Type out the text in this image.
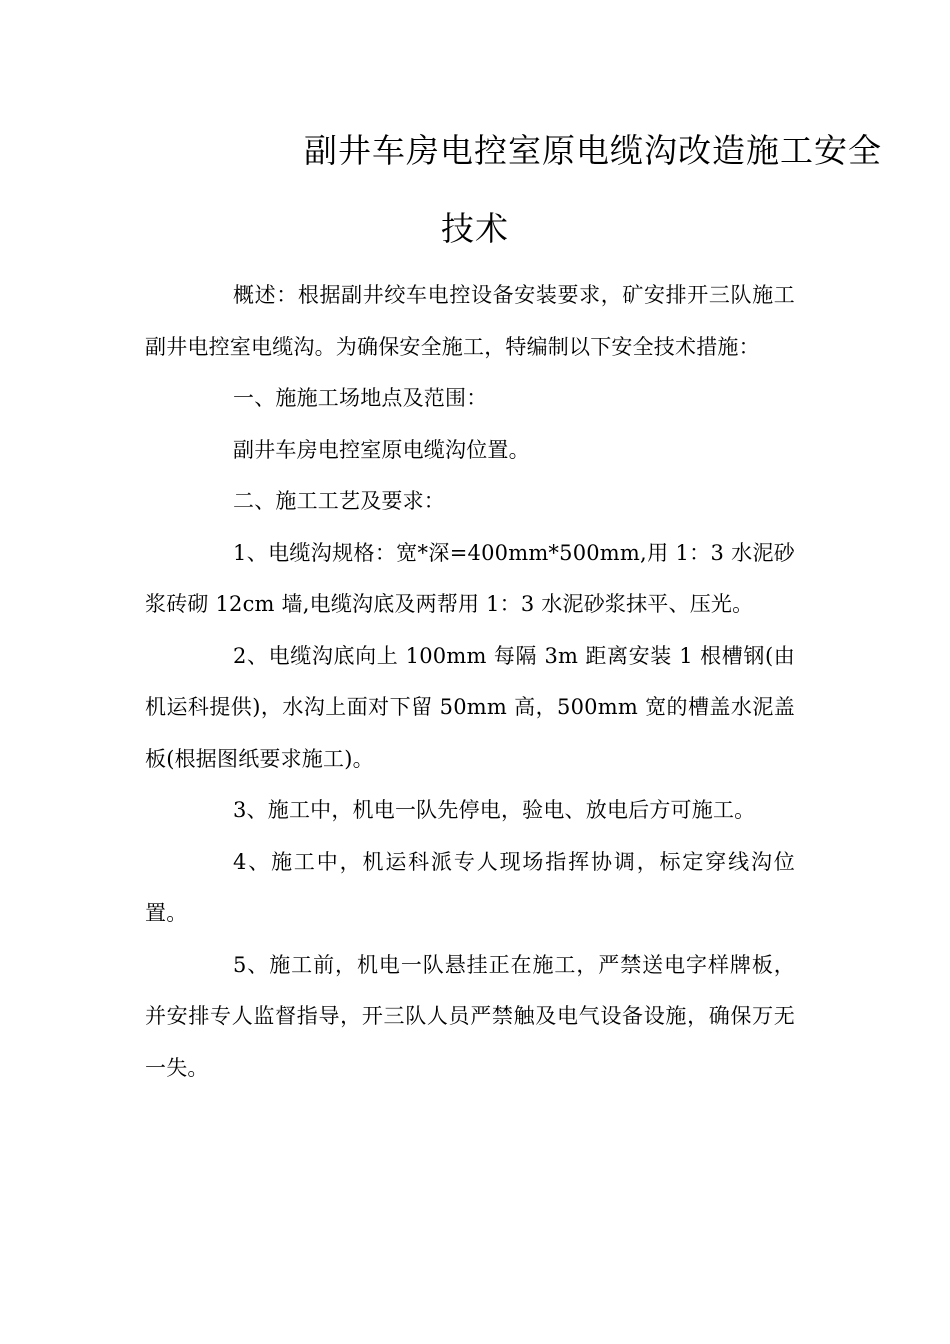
副井车房电控室原电缆沟改造施工安全
技术

概述：根据副井绞车电控设备安装要求，矿安排开三队施工副井电控室电缆沟。为确保安全施工，特编制以下安全技术措施：

一、施施工场地点及范围：

副井车房电控室原电缆沟位置。

二、施工工艺及要求：

1、电缆沟规格：宽*深=400mm*500mm,用 1：3 水泥砂浆砖砌 12cm 墙,电缆沟底及两帮用 1：3 水泥砂浆抹平、压光。

2、电缆沟底向上 100mm 每隔 3m 距离安装 1 根槽钢(由机运科提供)，水沟上面对下留 50mm 高，500mm 宽的槽盖水泥盖板(根据图纸要求施工)。

3、施工中，机电一队先停电，验电、放电后方可施工。

4、施工中，机运科派专人现场指挥协调，标定穿线沟位置。

5、施工前，机电一队悬挂正在施工，严禁送电字样牌板，并安排专人监督指导，开三队人员严禁触及电气设备设施，确保万无一失。
